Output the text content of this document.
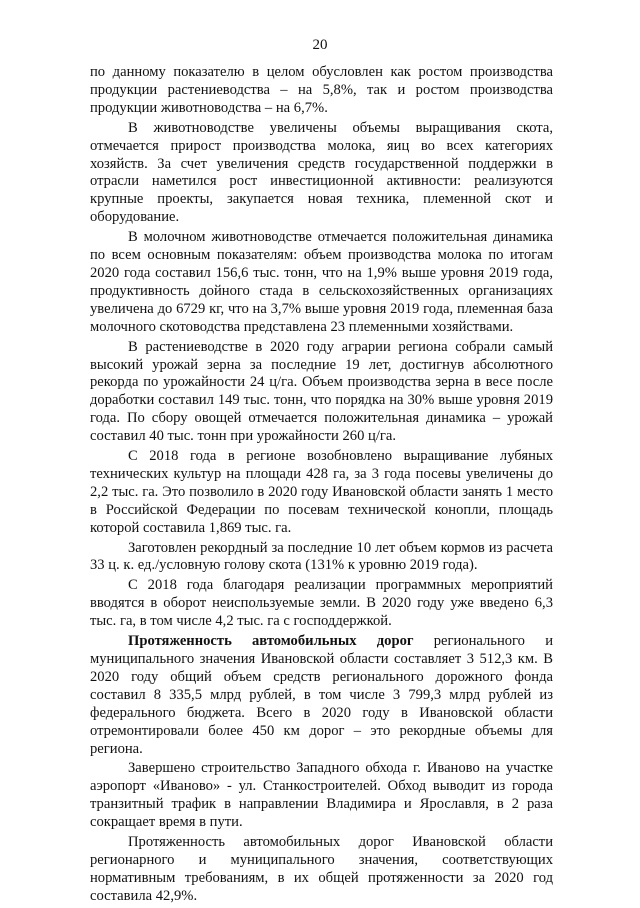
20

по данному показателю в целом обусловлен как ростом производства продукции растениеводства – на 5,8%, так и ростом производства продукции животноводства – на 6,7%.

В животноводстве увеличены объемы выращивания скота, отмечается прирост производства молока, яиц во всех категориях хозяйств. За счет увеличения средств государственной поддержки в отрасли наметился рост инвестиционной активности: реализуются крупные проекты, закупается новая техника, племенной скот и оборудование.

В молочном животноводстве отмечается положительная динамика по всем основным показателям: объем производства молока по итогам 2020 года составил 156,6 тыс. тонн, что на 1,9% выше уровня 2019 года, продуктивность дойного стада в сельскохозяйственных организациях увеличена до 6729 кг, что на 3,7% выше уровня 2019 года, племенная база молочного скотоводства представлена 23 племенными хозяйствами.

В растениеводстве в 2020 году аграрии региона собрали самый высокий урожай зерна за последние 19 лет, достигнув абсолютного рекорда по урожайности 24 ц/га. Объем производства зерна в весе после доработки составил 149 тыс. тонн, что порядка на 30% выше уровня 2019 года. По сбору овощей отмечается положительная динамика – урожай составил 40 тыс. тонн при урожайности 260 ц/га.

С 2018 года в регионе возобновлено выращивание лубяных технических культур на площади 428 га, за 3 года посевы увеличены до 2,2 тыс. га. Это позволило в 2020 году Ивановской области занять 1 место в Российской Федерации по посевам технической конопли, площадь которой составила 1,869 тыс. га.

Заготовлен рекордный за последние 10 лет объем кормов из расчета 33 ц. к. ед./условную голову скота (131% к уровню 2019 года).

С 2018 года благодаря реализации программных мероприятий вводятся в оборот неиспользуемые земли. В 2020 году уже введено 6,3 тыс. га, в том числе 4,2 тыс. га с господдержкой.

Протяженность автомобильных дорог регионального и муниципального значения Ивановской области составляет 3 512,3 км. В 2020 году общий объем средств регионального дорожного фонда составил 8 335,5 млрд рублей, в том числе 3 799,3 млрд рублей из федерального бюджета. Всего в 2020 году в Ивановской области отремонтировали более 450 км дорог – это рекордные объемы для региона.

Завершено строительство Западного обхода г. Иваново на участке аэропорт «Иваново» - ул. Станкостроителей. Обход выводит из города транзитный трафик в направлении Владимира и Ярославля, в 2 раза сокращает время в пути.

Протяженность автомобильных дорог Ивановской области регионарного и муниципального значения, соответствующих нормативным требованиям, в их общей протяженности за 2020 год составила 42,9%.
